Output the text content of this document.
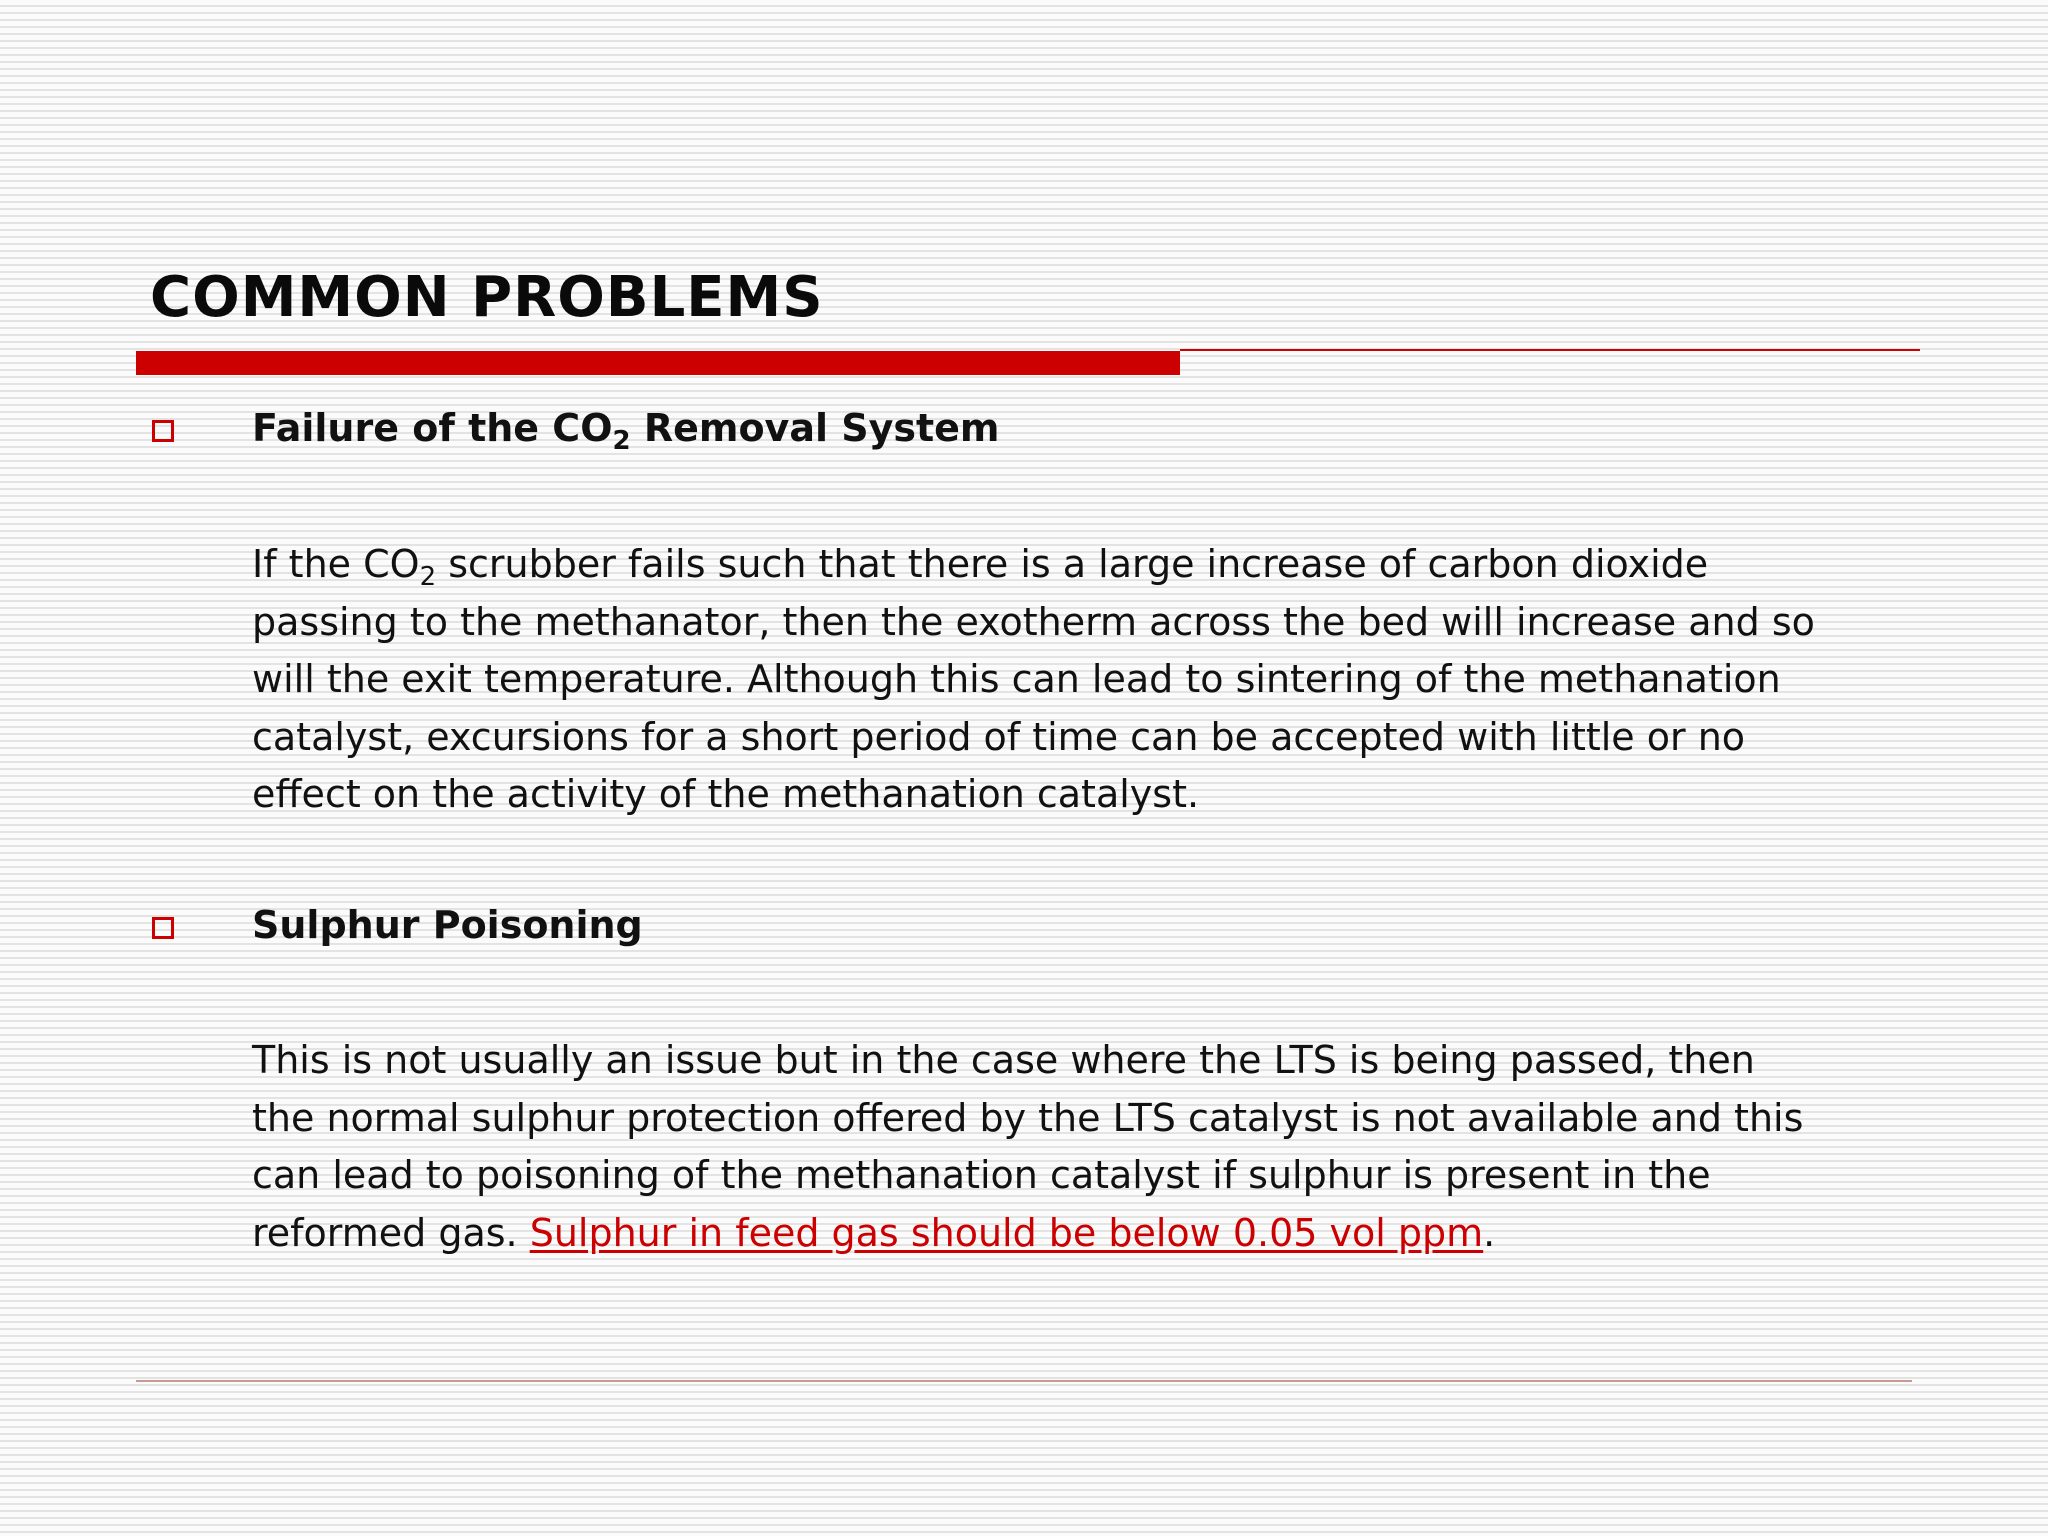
COMMON PROBLEMS
Failure of the $CO_2$ Removal System
If the $CO_2$ scrubber fails such that there is a large increase of carbon dioxide
passing to the methanator, then the exotherm across the bed will increase and so
will the exit temperature. Although this can lead to sintering of the methanation
catalyst, excursions for a short period of time can be accepted with little or no
effect on the activity of the methanation catalyst.
Sulphur Poisoning
This is not usually an issue but in the case where the LTS is being passed, then
the normal sulphur protection offered by the LTS catalyst is not available and this
can lead to poisoning of the methanation catalyst if sulphur is present in the
reformed gas. Sulphur in feed gas should be below 0.05 vol ppm.
